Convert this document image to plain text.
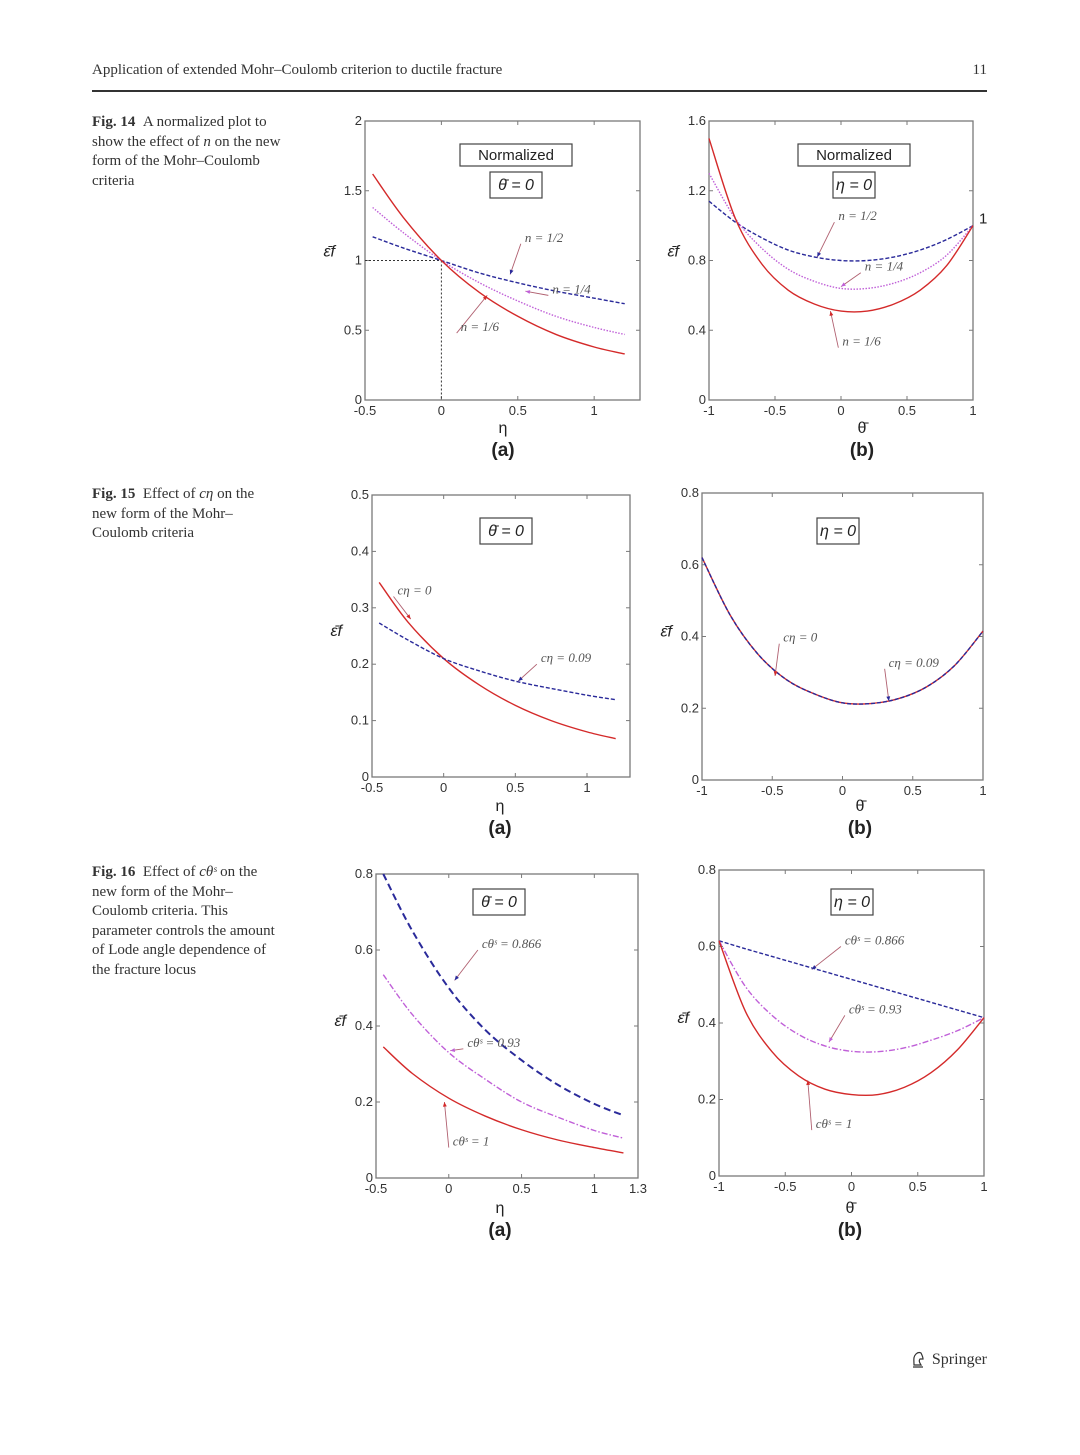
Application of extended Mohr–Coulomb criterion to ductile fracture	11
Fig. 14 A normalized plot to show the effect of n on the new form of the Mohr–Coulomb criteria
Fig. 15 Effect of cη on the new form of the Mohr–Coulomb criteria
Fig. 16 Effect of cθˢ on the new form of the Mohr–Coulomb criteria. This parameter controls the amount of Lode angle dependence of the fracture locus
-0.5	0	0.5	1
0
0.5
1
1.5
2
n = 1/2
n = 1/4
n = 1/6
Normalized
θ̄ = 0
ε̄f
η
(a)
-1	-0.5	0	0.5	1
0
0.4
0.8
1.2
1.6
n = 1/2
n = 1/4
n = 1/6
Normalized
η = 0
1
ε̄f
θ̄
(b)
-0.5	0	0.5	1
0
0.1
0.2
0.3
0.4
0.5
cη = 0
cη = 0.09
θ̄ = 0
ε̄f
η
(a)
-1	-0.5	0	0.5	1
0
0.2
0.4
0.6
0.8
cη = 0
cη = 0.09
η = 0
ε̄f
θ̄
(b)
-0.5	0	0.5	1 1.3
0
0.2
0.4
0.6
0.8
cθˢ = 0.866
cθˢ = 0.93
cθˢ = 1
θ̄ = 0
ε̄f
η
(a)
-1	-0.5	0	0.5	1
0
0.2
0.4
0.6
0.8
cθˢ = 0.866
cθˢ = 0.93
cθˢ = 1
η = 0
ε̄f
θ̄
(b)
Springer
